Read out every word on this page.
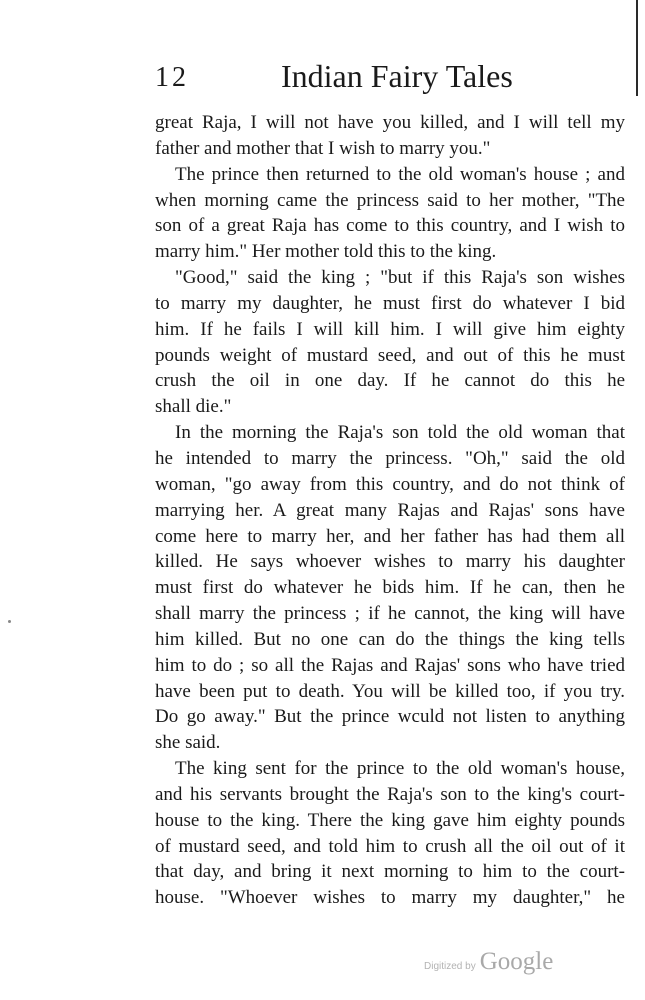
12	Indian Fairy Tales
great Raja, I will not have you killed, and I will tell my
father and mother that I wish to marry you."
The prince then returned to the old woman's house ; and
when morning came the princess said to her mother, "The
son of a great Raja has come to this country, and I wish to
marry him." Her mother told this to the king.
"Good," said the king ; "but if this Raja's son wishes
to marry my daughter, he must first do whatever I bid
him. If he fails I will kill him. I will give him eighty
pounds weight of mustard seed, and out of this he must
crush the oil in one day. If he cannot do this he
shall die."
In the morning the Raja's son told the old woman that
he intended to marry the princess. "Oh," said the old
woman, "go away from this country, and do not think of
marrying her. A great many Rajas and Rajas' sons have
come here to marry her, and her father has had them all
killed. He says whoever wishes to marry his daughter
must first do whatever he bids him. If he can, then he
shall marry the princess ; if he cannot, the king will have
him killed. But no one can do the things the king tells
him to do ; so all the Rajas and Rajas' sons who have tried
have been put to death. You will be killed too, if you try.
Do go away." But the prince wculd not listen to anything
she said.
The king sent for the prince to the old woman's house,
and his servants brought the Raja's son to the king's court-
house to the king. There the king gave him eighty pounds
of mustard seed, and told him to crush all the oil out of it
that day, and bring it next morning to him to the court-
house. "Whoever wishes to marry my daughter," he
Digitized by Google
